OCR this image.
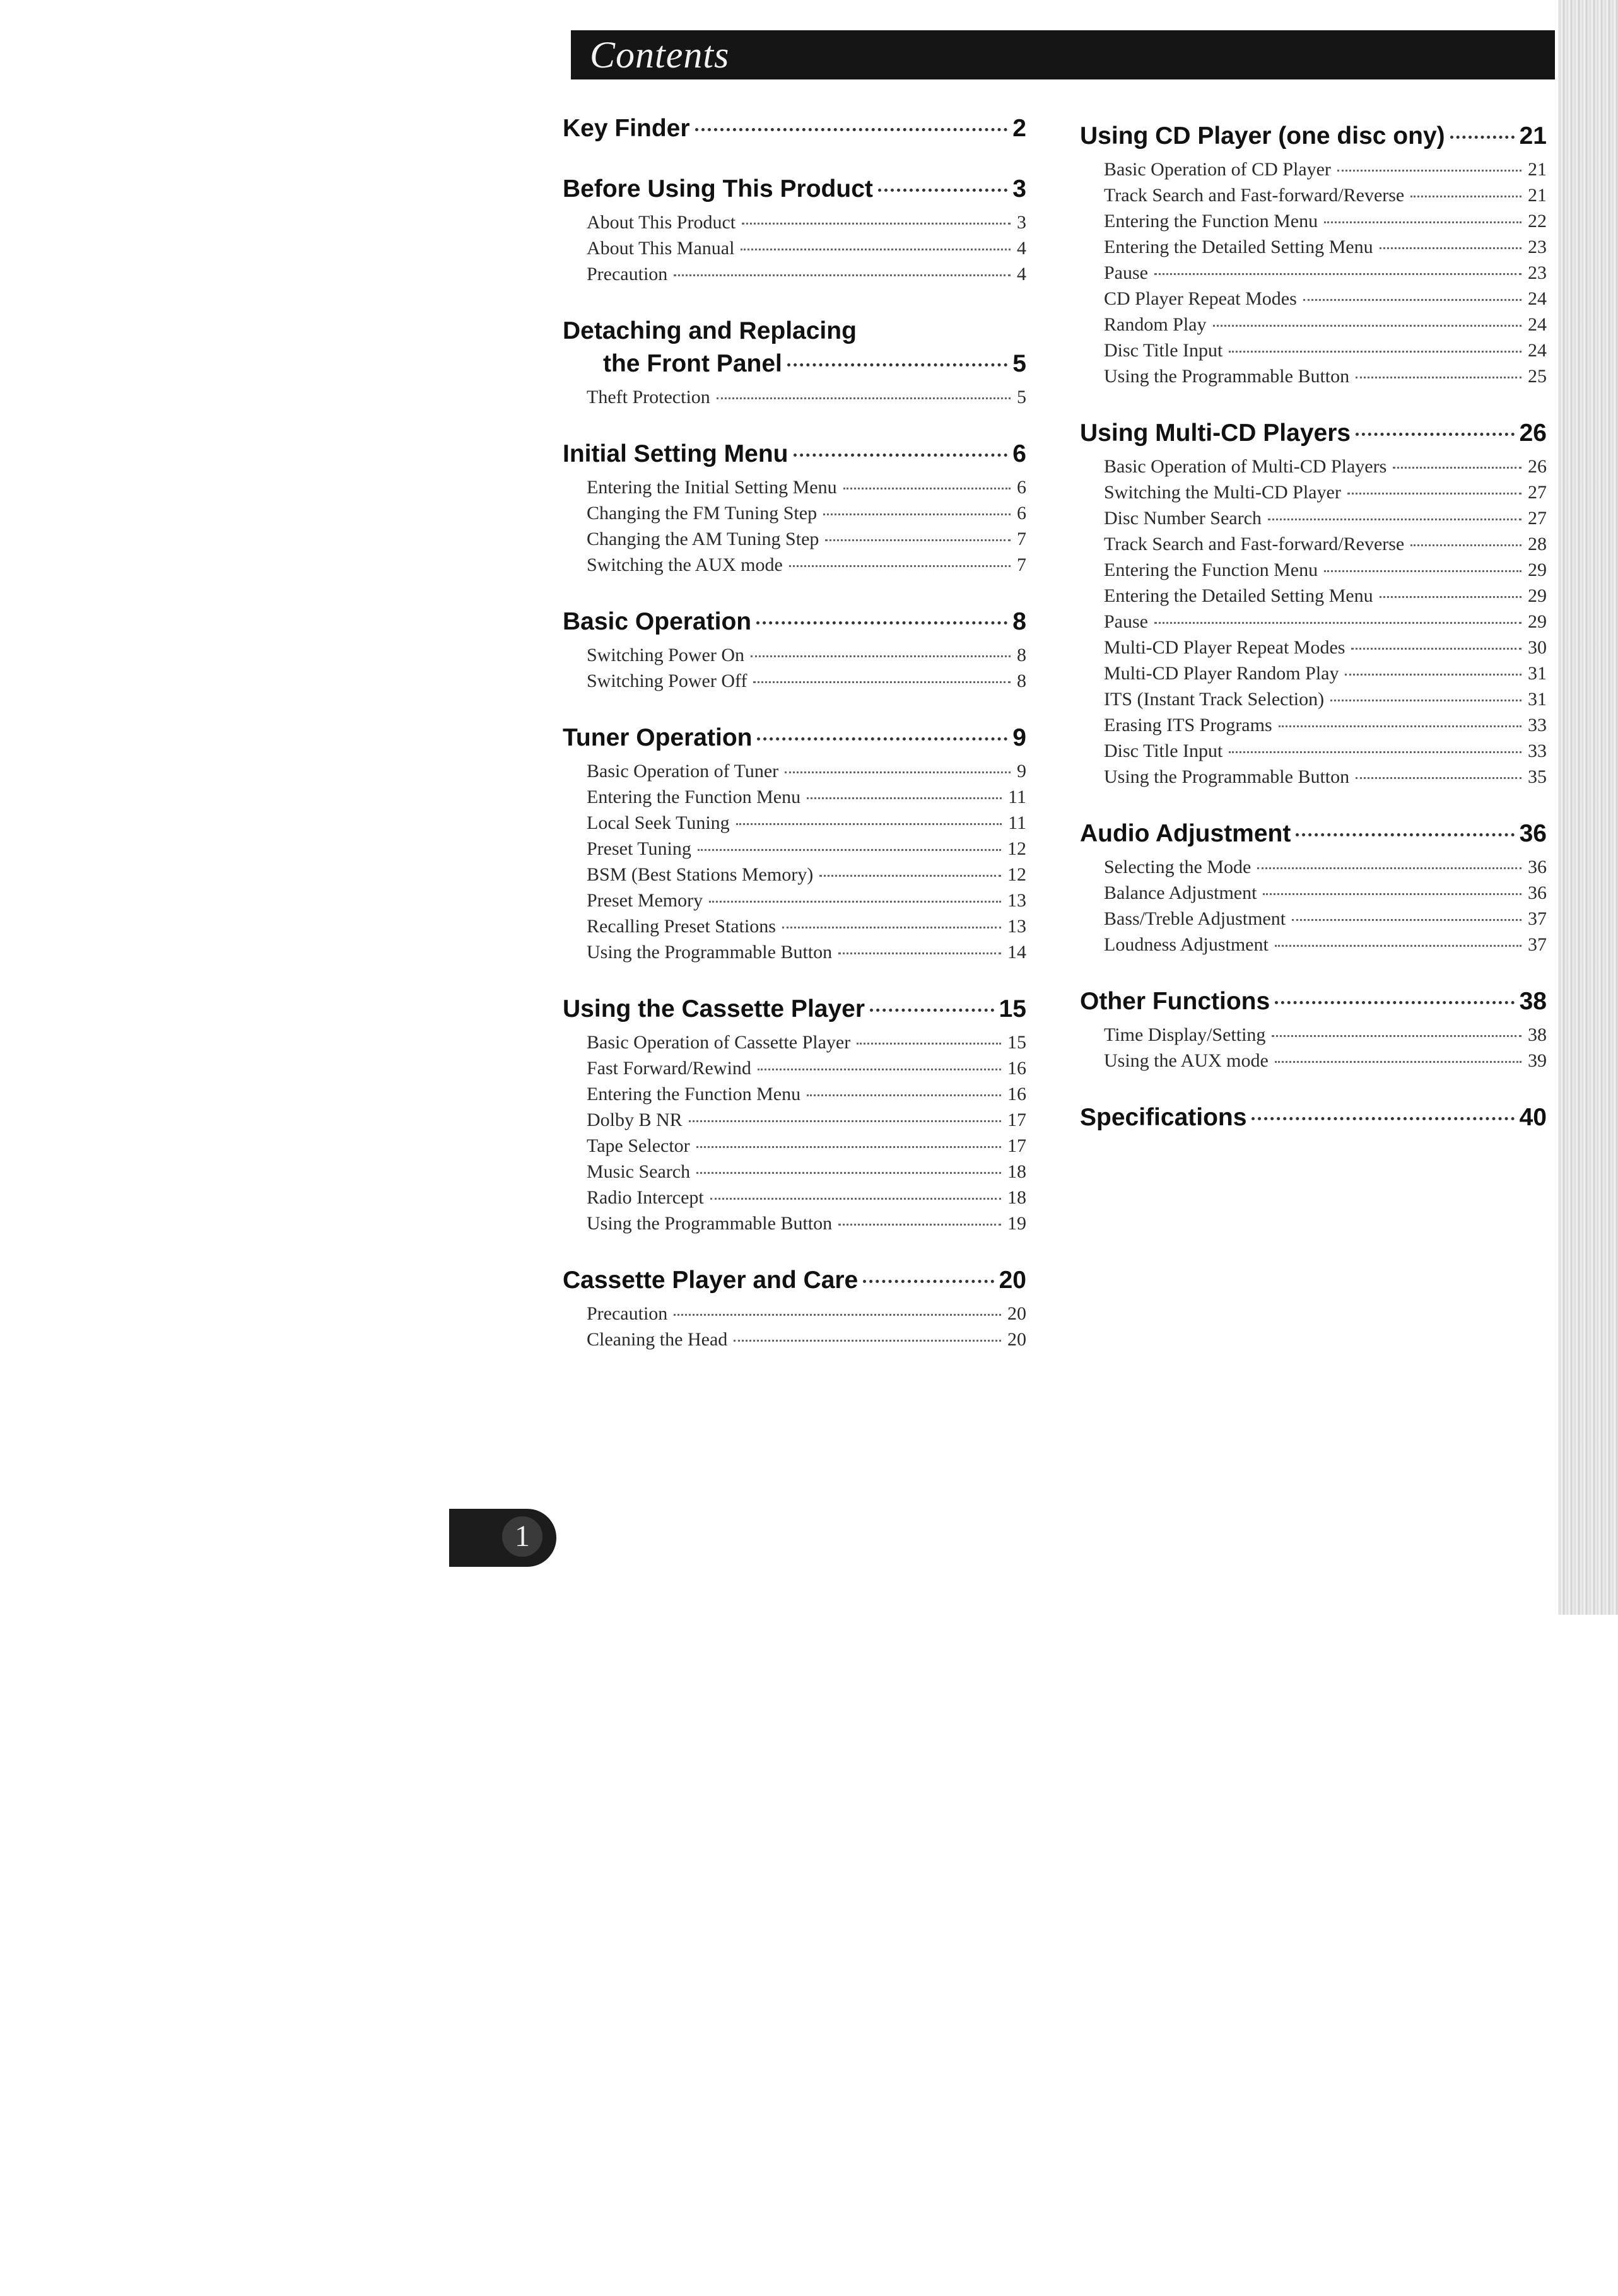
Contents
Key Finder	2
Before Using This Product	3
About This Product	3
About This Manual	4
Precaution	4
Detaching and Replacing
the Front Panel	5
Theft Protection	5
Initial Setting Menu	6
Entering the Initial Setting Menu	6
Changing the FM Tuning Step	6
Changing the AM Tuning Step	7
Switching the AUX mode	7
Basic Operation	8
Switching Power On	8
Switching Power Off	8
Tuner Operation	9
Basic Operation of Tuner	9
Entering the Function Menu	11
Local Seek Tuning	11
Preset Tuning	12
BSM (Best Stations Memory)	12
Preset Memory	13
Recalling Preset Stations	13
Using the Programmable Button	14
Using the Cassette Player	15
Basic Operation of Cassette Player	15
Fast Forward/Rewind	16
Entering the Function Menu	16
Dolby B NR	17
Tape Selector	17
Music Search	18
Radio Intercept	18
Using the Programmable Button	19
Cassette Player and Care	20
Precaution	20
Cleaning the Head	20
Using CD Player (one disc ony)	21
Basic Operation of CD Player	21
Track Search and Fast-forward/Reverse	21
Entering the Function Menu	22
Entering the Detailed Setting Menu	23
Pause	23
CD Player Repeat Modes	24
Random Play	24
Disc Title Input	24
Using the Programmable Button	25
Using Multi-CD Players	26
Basic Operation of Multi-CD Players	26
Switching the Multi-CD Player	27
Disc Number Search	27
Track Search and Fast-forward/Reverse	28
Entering the Function Menu	29
Entering the Detailed Setting Menu	29
Pause	29
Multi-CD Player Repeat Modes	30
Multi-CD Player Random Play	31
ITS (Instant Track Selection)	31
Erasing ITS Programs	33
Disc Title Input	33
Using the Programmable Button	35
Audio Adjustment	36
Selecting the Mode	36
Balance Adjustment	36
Bass/Treble Adjustment	37
Loudness Adjustment	37
Other Functions	38
Time Display/Setting	38
Using the AUX mode	39
Specifications	40
1
